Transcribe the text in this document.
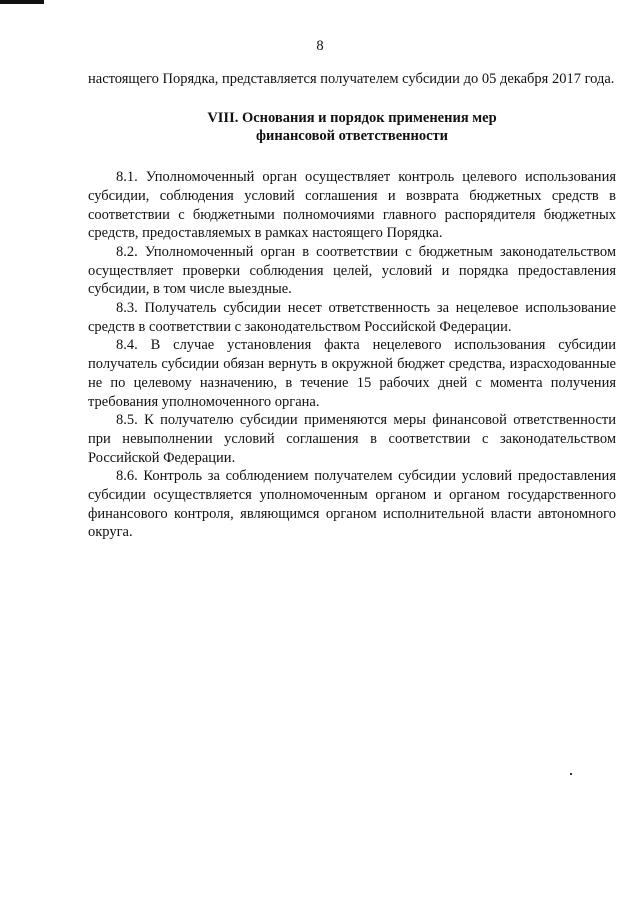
8

настоящего Порядка, представляется получателем субсидии до 05 декабря 2017 года.

VIII. Основания и порядок применения мер
финансовой ответственности

8.1. Уполномоченный орган осуществляет контроль целевого использования субсидии, соблюдения условий соглашения и возврата бюджетных средств в соответствии с бюджетными полномочиями главного распорядителя бюджетных средств, предоставляемых в рамках настоящего Порядка.

8.2. Уполномоченный орган в соответствии с бюджетным законодательством осуществляет проверки соблюдения целей, условий и порядка предоставления субсидии, в том числе выездные.

8.3. Получатель субсидии несет ответственность за нецелевое использование средств в соответствии с законодательством Российской Федерации.

8.4. В случае установления факта нецелевого использования субсидии получатель субсидии обязан вернуть в окружной бюджет средства, израсходованные не по целевому назначению, в течение 15 рабочих дней с момента получения требования уполномоченного органа.

8.5. К получателю субсидии применяются меры финансовой ответственности при невыполнении условий соглашения в соответствии с законодательством Российской Федерации.

8.6. Контроль за соблюдением получателем субсидии условий предоставления субсидии осуществляется уполномоченным органом и органом государственного финансового контроля, являющимся органом исполнительной власти автономного округа.
